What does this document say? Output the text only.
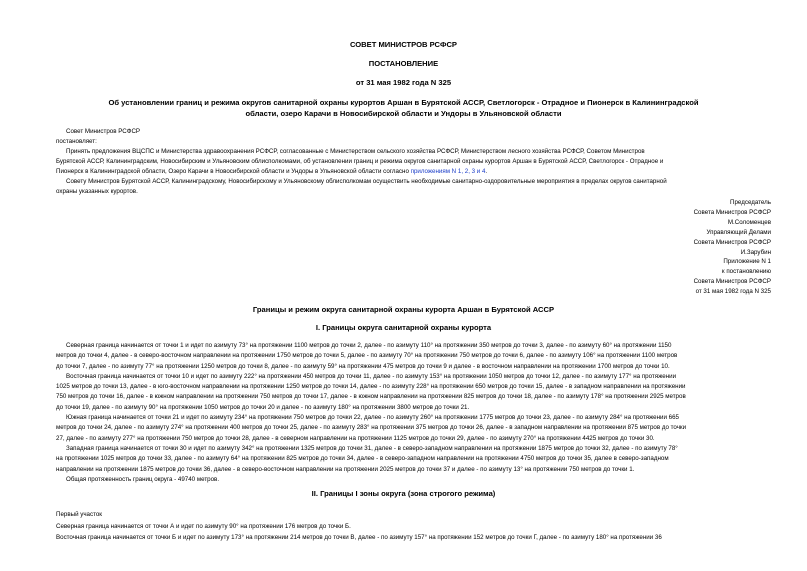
СОВЕТ МИНИСТРОВ РСФСР
ПОСТАНОВЛЕНИЕ
от 31 мая 1982 года N 325
Об установлении границ и режима округов санитарной охраны курортов Аршан в Бурятской АССР, Светлогорск - Отрадное и Пионерск в Калининградской
области, озеро Карачи в Новосибирской области и Ундоры в Ульяновской области
Совет Министров РСФСР
постановляет:
Принять предложения ВЦСПС и Министерства здравоохранения РСФСР, согласованные с Министерством сельского хозяйства РСФСР, Министерством лесного хозяйства РСФСР, Советом Министров
Бурятской АССР, Калининградским, Новосибирским и Ульяновским облисполкомами, об установлении границ и режима округов санитарной охраны курортов Аршан в Бурятской АССР, Светлогорск - Отрадное и
Пионерск в Калининградской области, Озеро Карачи в Новосибирской области и Ундоры в Ульяновской области согласно приложениям N 1, 2, 3 и 4.
Совету Министров Бурятской АССР, Калининградскому, Новосибирскому и Ульяновскому облисполкомам осуществить необходимые санитарно-оздоровительные мероприятия в пределах округов санитарной
охраны указанных курортов.
Председатель
Совета Министров РСФСР
М.Соломенцев
Управляющий Делами
Совета Министров РСФСР
И.Зарубин
Приложение N 1
к постановлению
Совета Министров РСФСР
от 31 мая 1982 года N 325
Границы и режим округа санитарной охраны курорта Аршан в Бурятской АССР
I. Границы округа санитарной охраны курорта
Северная граница начинается от точки 1 и идет по азимуту 73° на протяжении 1100 метров до точки 2, далее - по азимуту 110° на протяжении 350 метров до точки 3, далее - по азимуту 60° на протяжении 1150
метров до точки 4, далее - в северо-восточном направлении на протяжении 1750 метров до точки 5, далее - по азимуту 70° на протяжении 750 метров до точки 6, далее - по азимуту 106° на протяжении 1100 метров
до точки 7, далее - по азимуту 77° на протяжении 1250 метров до точки 8, далее - по азимуту 59° на протяжении 475 метров до точки 9 и далее - в восточном направлении на протяжении 1700 метров до точки 10.
Восточная граница начинается от точки 10 и идет по азимуту 222° на протяжении 450 метров до точки 11, далее - по азимуту 153° на протяжении 1050 метров до точки 12, далее - по азимуту 177° на протяжении
1025 метров до точки 13, далее - в юго-восточном направлении на протяжении 1250 метров до точки 14, далее - по азимуту 228° на протяжении 650 метров до точки 15, далее - в западном направлении на протяжении
750 метров до точки 16, далее - в южном направлении на протяжении 750 метров до точки 17, далее - в южном направлении на протяжении 825 метров до точки 18, далее - по азимуту 178° на протяжении 2925 метров
до точки 19, далее - по азимуту 90° на протяжении 1050 метров до точки 20 и далее - по азимуту 180° на протяжении 3800 метров до точки 21.
Южная граница начинается от точки 21 и идет по азимуту 234° на протяжении 750 метров до точки 22, далее - по азимуту 260° на протяжении 1775 метров до точки 23, далее - по азимуту 284° на протяжении 665
метров до точки 24, далее - по азимуту 274° на протяжении 400 метров до точки 25, далее - по азимуту 283° на протяжении 375 метров до точки 26, далее - в западном направлении на протяжении 875 метров до точки
27, далее - по азимуту 277° на протяжении 750 метров до точки 28, далее - в северном направлении на протяжении 1125 метров до точки 29, далее - по азимуту 270° на протяжении 4425 метров до точки 30.
Западная граница начинается от точки 30 и идет по азимуту 342° на протяжении 1325 метров до точки 31, далее - в северо-западном направлении на протяжении 1875 метров до точки 32, далее - по азимуту 78°
на протяжении 1025 метров до точки 33, далее - по азимуту 64° на протяжении 825 метров до точки 34, далее - в северо-западном направлении на протяжении 4750 метров до точки 35, далее в северо-западном
направлении на протяжении 1875 метров до точки 36, далее - в северо-восточном направлении на протяжении 2025 метров до точки 37 и далее - по азимуту 13° на протяжении 750 метров до точки 1.
Общая протяженность границ округа - 49740 метров.
II. Границы I зоны округа (зона строгого режима)
Первый участок
Северная граница начинается от точки А и идет по азимуту 90° на протяжении 176 метров до точки Б.
Восточная граница начинается от точки Б и идет по азимуту 173° на протяжении 214 метров до точки В, далее - по азимуту 157° на протяжении 152 метров до точки Г, далее - по азимуту 180° на протяжении 36
